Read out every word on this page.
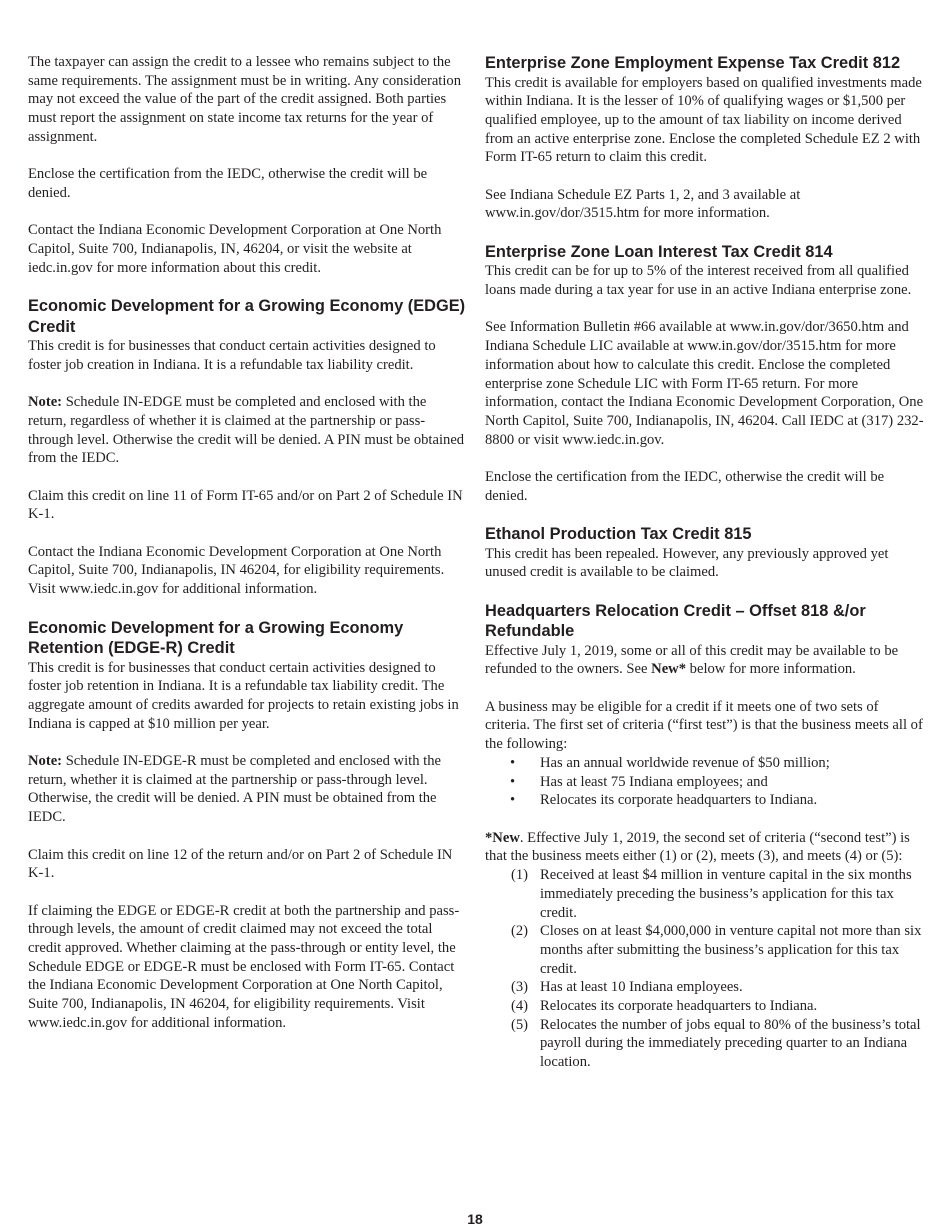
The taxpayer can assign the credit to a lessee who remains subject to the same requirements. The assignment must be in writing. Any consideration may not exceed the value of the part of the credit assigned. Both parties must report the assignment on state income tax returns for the year of assignment.

Enclose the certification from the IEDC, otherwise the credit will be denied.

Contact the Indiana Economic Development Corporation at One North Capitol, Suite 700, Indianapolis, IN, 46204, or visit the website at iedc.in.gov for more information about this credit.

Economic Development for a Growing Economy (EDGE) Credit

This credit is for businesses that conduct certain activities designed to foster job creation in Indiana. It is a refundable tax liability credit.

Note: Schedule IN-EDGE must be completed and enclosed with the return, regardless of whether it is claimed at the partnership or pass-through level. Otherwise the credit will be denied. A PIN must be obtained from the IEDC.

Claim this credit on line 11 of Form IT-65 and/or on Part 2 of Schedule IN K-1.

Contact the Indiana Economic Development Corporation at One North Capitol, Suite 700, Indianapolis, IN 46204, for eligibility requirements. Visit www.iedc.in.gov for additional information.

Economic Development for a Growing Economy Retention (EDGE-R) Credit

This credit is for businesses that conduct certain activities designed to foster job retention in Indiana. It is a refundable tax liability credit. The aggregate amount of credits awarded for projects to retain existing jobs in Indiana is capped at $10 million per year.

Note: Schedule IN-EDGE-R must be completed and enclosed with the return, whether it is claimed at the partnership or pass-through level. Otherwise, the credit will be denied. A PIN must be obtained from the IEDC.

Claim this credit on line 12 of the return and/or on Part 2 of Schedule IN K-1.

If claiming the EDGE or EDGE-R credit at both the partnership and pass-through levels, the amount of credit claimed may not exceed the total credit approved. Whether claiming at the pass-through or entity level, the Schedule EDGE or EDGE-R must be enclosed with Form IT-65. Contact the Indiana Economic Development Corporation at One North Capitol, Suite 700, Indianapolis, IN 46204, for eligibility requirements. Visit www.iedc.in.gov for additional information.

Enterprise Zone Employment Expense Tax Credit 812

This credit is available for employers based on qualified investments made within Indiana. It is the lesser of 10% of qualifying wages or $1,500 per qualified employee, up to the amount of tax liability on income derived from an active enterprise zone. Enclose the completed Schedule EZ 2 with Form IT-65 return to claim this credit.

See Indiana Schedule EZ Parts 1, 2, and 3 available at www.in.gov/dor/3515.htm for more information.

Enterprise Zone Loan Interest Tax Credit 814

This credit can be for up to 5% of the interest received from all qualified loans made during a tax year for use in an active Indiana enterprise zone.

See Information Bulletin #66 available at www.in.gov/dor/3650.htm and Indiana Schedule LIC available at www.in.gov/dor/3515.htm for more information about how to calculate this credit. Enclose the completed enterprise zone Schedule LIC with Form IT-65 return. For more information, contact the Indiana Economic Development Corporation, One North Capitol, Suite 700, Indianapolis, IN, 46204. Call IEDC at (317) 232-8800 or visit www.iedc.in.gov.

Enclose the certification from the IEDC, otherwise the credit will be denied.

Ethanol Production Tax Credit 815

This credit has been repealed. However, any previously approved yet unused credit is available to be claimed.

Headquarters Relocation Credit – Offset 818 &/or Refundable

Effective July 1, 2019, some or all of this credit may be available to be refunded to the owners. See New* below for more information.

A business may be eligible for a credit if it meets one of two sets of criteria. The first set of criteria (“first test”) is that the business meets all of the following:

• Has an annual worldwide revenue of $50 million;
• Has at least 75 Indiana employees; and
• Relocates its corporate headquarters to Indiana.

*New. Effective July 1, 2019, the second set of criteria (“second test”) is that the business meets either (1) or (2), meets (3), and meets (4) or (5):

(1) Received at least $4 million in venture capital in the six months immediately preceding the business’s application for this tax credit.
(2) Closes on at least $4,000,000 in venture capital not more than six months after submitting the business’s application for this tax credit.
(3) Has at least 10 Indiana employees.
(4) Relocates its corporate headquarters to Indiana.
(5) Relocates the number of jobs equal to 80% of the business’s total payroll during the immediately preceding quarter to an Indiana location.
18
